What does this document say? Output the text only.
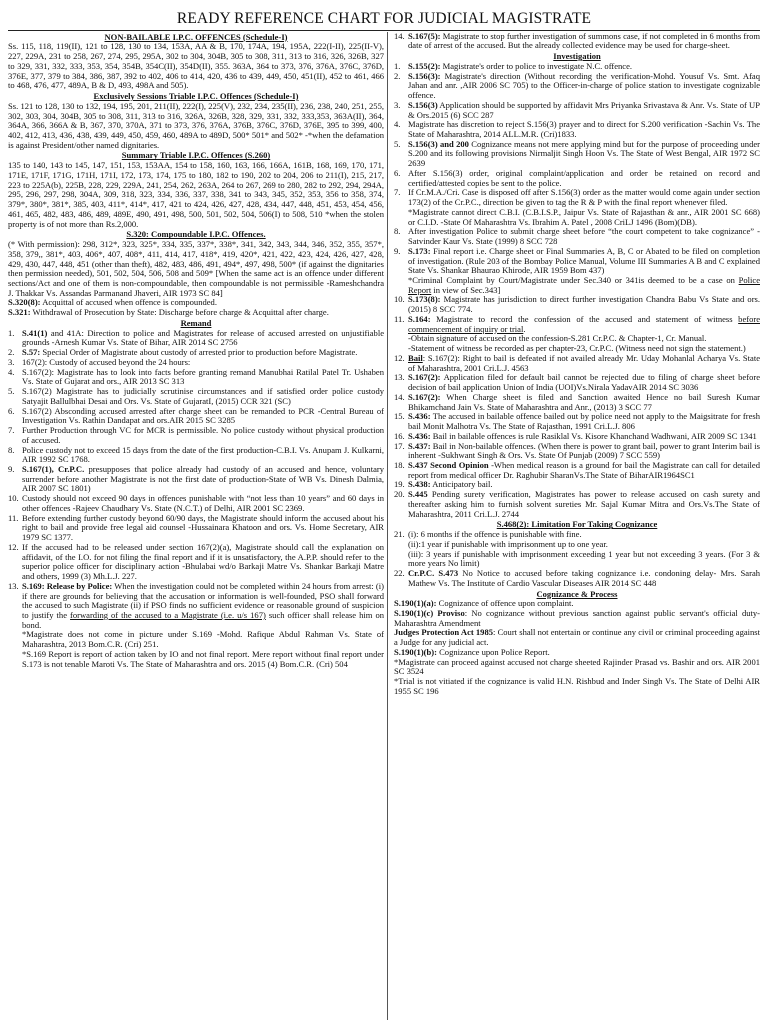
READY REFERENCE CHART FOR JUDICIAL MAGISTRATE
NON-BAILABLE I.P.C. OFFENCES (Schedule-I)

Ss. 115, 118, 119(II), 121 to 128, 130 to 134, 153A, AA & B, 170, 174A, 194, 195A, 222(I-II), 225(II-V), 227, 229A, 231 to 258, 267, 274, 295, 295A, 302 to 304, 304B, 305 to 308, 311, 313 to 316, 326, 326B, 327 to 329, 331, 332, 333, 353, 354, 354B, 354C(II), 354D(II), 355. 363A, 364 to 373, 376, 376A, 376C, 376D, 376E, 377, 379 to 384, 386, 387, 392 to 402, 406 to 414, 420, 436 to 439, 449, 450, 451(II), 452 to 461, 466 to 468, 476, 477, 489A, B & D, 493, 498A and 505).

Exclusively Sessions Triable I.P.C. Offences (Schedule-I)

Ss. 121 to 128, 130 to 132, 194, 195, 201, 211(II), 222(I), 225(V), 232, 234, 235(II), 236, 238, 240, 251, 255, 302, 303, 304, 304B, 305 to 308, 311, 313 to 316, 326A, 326B, 328, 329, 331, 332, 333,353, 363A(II), 364, 364A, 366, 366A & B, 367, 370, 370A, 371 to 373, 376, 376A, 376B, 376C, 376D, 376E, 395 to 399, 400, 402, 412, 413, 436, 438, 439, 449, 450, 459, 460, 489A to 489D, 500* 501* and 502* -*when the defamation is against President/other named dignitaries.

Summary Triable I.P.C. Offences (S.260)

135 to 140, 143 to 145, 147, 151, 153, 153AA, 154 to 158, 160, 163, 166, 166A, 161B, 168, 169, 170, 171, 171E, 171F, 171G, 171H, 171I, 172, 173, 174, 175 to 180, 182 to 190, 202 to 204, 206 to 211(I), 215, 217, 223 to 225A(b), 225B, 228, 229, 229A, 241, 254, 262, 263A, 264 to 267, 269 to 280, 282 to 292, 294, 294A, 295, 296, 297, 298, 304A, 309, 318, 323, 334, 336, 337, 338, 341 to 343, 345, 352, 353, 356 to 358, 374, 379*, 380*, 381*, 385, 403, 411*, 414*, 417, 421 to 424, 426, 427, 428, 434, 447, 448, 451, 453, 454, 456, 461, 465, 482, 483, 486, 489, 489E, 490, 491, 498, 500, 501, 502, 504, 506(I) to 508, 510 *when the stolen property is of not more than Rs.2,000.

S.320: Compoundable I.P.C. Offences.

(* With permission): 298, 312*, 323, 325*, 334, 335, 337*, 338*, 341, 342, 343, 344, 346, 352, 355, 357*, 358, 379,, 381*, 403, 406*, 407, 408*, 411, 414, 417, 418*, 419, 420*, 421, 422, 423, 424, 426, 427, 428, 429, 430, 447, 448, 451 (other than theft), 482, 483, 486, 491, 494*, 497, 498, 500* (if against the dignitaries then permission needed), 501, 502, 504, 506, 508 and 509* [When the same act is an offence under different sections/Act and one of them is non-compoundable, then compoundable is not permissible -Rameshchandra J. Thakkar Vs. Assandas Parmanand Jhaveri, AIR 1973 SC 84]

S.320(8): Acquittal of accused when offence is compounded.

S.321: Withdrawal of Prosecution by State: Discharge before charge & Acquittal after charge.

Remand
1. S.41(1) and 41A: Direction to police and Magistrates for release of accused arrested on unjustifiable grounds -Arnesh Kumar Vs. State of Bihar, AIR 2014 SC 2756
2. S.57: Special Order of Magistrate about custody of arrested prior to production before Magistrate.
3. 167(2): Custody of accused beyond the 24 hours:
4. S.167(2): Magistrate has to look into facts before granting remand Manubhai Ratilal Patel Tr. Ushaben Vs. State of Gujarat and ors., AIR 2013 SC 313
5. S.167(2) Magistrate has to judicially scrutinise circumstances and if satisfied order police custody Satyajit Ballulbhai Desai and Ors. Vs. State of GujaratI, (2015) CCR 321 (SC)
6. S.167(2) Absconding accused arrested after charge sheet can be remanded to PCR -Central Bureau of Investigation Vs. Rathin Dandapat and ors.AIR 2015 SC 3285
7. Further Production through VC for MCR is permissible. No police custody without physical production of accused.
8. Police custody not to exceed 15 days from the date of the first production-C.B.I. Vs. Anupam J. Kulkarni, AIR 1992 SC 1768.
9. S.167(1), Cr.P.C. presupposes that police already had custody of an accused and hence, voluntary surrender before another Magistrate is not the first date of production-State of WB Vs. Dinesh Dalmia, AIR 2007 SC 1801)
10. Custody should not exceed 90 days in offences punishable with “not less than 10 years” and 60 days in other offences -Rajeev Chaudhary Vs. State (N.C.T.) of Delhi, AIR 2001 SC 2369.
11. Before extending further custody beyond 60/90 days, the Magistrate should inform the accused about his right to bail and provide free legal aid counsel -Hussainara Khatoon and ors. Vs. Home Secretary, AIR 1979 SC 1377.
12. If the accused had to be released under section 167(2)(a), Magistrate should call the explanation on affidavit, of the I.O. for not filing the final report and if it is unsatisfactory, the A.P.P. should refer to the superior police officer for disciplinary action -Bhulabai wd/o Barkaji Matre Vs. Shankar Barkaji Matre and others, 1999 (3) Mh.L.J. 227.
13. S.169: Release by Police: When the investigation could not be completed within 24 hours from arrest: (i) if there are grounds for believing that the accusation or information is well-founded, PSO shall forward the accused to such Magistrate (ii) if PSO finds no sufficient evidence or reasonable ground of suspicion to justify the forwarding of the accused to a Magistrate (i.e. u/s 167) such officer shall release him on bond.
*Magistrate does not come in picture under S.169 -Mohd. Rafique Abdul Rahman Vs. State of Maharashtra, 2013 Bom.C.R. (Cri) 251.
*S.169 Report is report of action taken by IO and not final report. Mere report without final report under S.173 is not tenable Maroti Vs. The State of Maharashtra and ors. 2015 (4) Bom.C.R. (Cri) 504
14. S.167(5): Magistrate to stop further investigation of summons case, if not completed in 6 months from date of arrest of the accused. But the already collected evidence may be used for charge-sheet.
Investigation
1. S.155(2): Magistrate's order to police to investigate N.C. offence.
2. S.156(3): Magistrate's direction (Without recording the verification-Mohd. Yousuf Vs. Smt. Afaq Jahan and anr. ,AIR 2006 SC 705) to the Officer-in-charge of police station to investigate cognizable offence.
3. S.156(3) Application should be supported by affidavit Mrs Priyanka Srivastava & Anr. Vs. State of UP & Ors.2015 (6) SCC 287
4. Magistrate has discretion to reject S.156(3) prayer and to direct for S.200 verification -Sachin Vs. The State of Maharashtra, 2014 ALL.M.R. (Cri)1833.
5. S.156(3) and 200 Cognizance means not mere applying mind but for the purpose of proceeding under S.200 and its following provisions Nirmaljit Singh Hoon Vs. The State of West Bengal, AIR 1972 SC 2639
6. After S.156(3) order, original complaint/application and order be retained on record and certified/attested copies be sent to the police.
7. If Cr.M.A./Cri. Case is disposed off after S.156(3) order as the matter would come again under section 173(2) of the Cr.P.C., direction be given to tag the R & P with the final report whenever filed.
*Magistrate cannot direct C.B.I. (C.B.I.S.P., Jaipur Vs. State of Rajasthan & anr., AIR 2001 SC 668) or C.I.D. -State Of Maharashtra Vs. Ibrahim A. Patel , 2008 CriLJ 1496 (Bom)(DB).
8. After investigation Police to submit charge sheet before “the court competent to take cognizance” -Satvinder Kaur Vs. State (1999) 8 SCC 728
9. S.173: Final report i.e. Charge sheet or Final Summaries A, B, C or Abated to be filed on completion of investigation. (Rule 203 of the Bombay Police Manual, Volume III Summaries A B and C explained State Vs. Shankar Bhaurao Khirode, AIR 1959 Bom 437)
*Criminal Complaint by Court/Magistrate under Sec.340 or 341is deemed to be a case on Police Report in view of Sec.343]
10. S.173(8): Magistrate has jurisdiction to direct further investigation Chandra Babu Vs State and ors. (2015) 8 SCC 774.
11. S.164: Magistrate to record the confession of the accused and statement of witness before commencement of inquiry or trial.
-Obtain signature of accused on the confession-S.281 Cr.P.C. & Chapter-1, Cr. Manual.
-Statement of witness be recorded as per chapter-23, Cr.P.C. (Witness need not sign the statement.)
12. Bail: S.167(2): Right to bail is defeated if not availed already Mr. Uday Mohanlal Acharya Vs. State of Maharashtra, 2001 Cri.L.J. 4563
13. S.167(2): Application filed for default bail cannot be rejected due to filing of charge sheet before decision of bail application Union of India (UOI)Vs.Nirala YadavAIR 2014 SC 3036
14. S.167(2): When Charge sheet is filed and Sanction awaited Hence no bail Suresh Kumar Bhikamchand Jain Vs. State of Maharashtra and Anr., (2013) 3 SCC 77
15. S.436: The accused in bailable offence bailed out by police need not apply to the Maigsitrate for fresh bail Monit Malhotra Vs. The State of Rajasthan, 1991 Cri.L.J. 806
16. S.436: Bail in bailable offences is rule Rasiklal Vs. Kisore Khanchand Wadhwani, AIR 2009 SC 1341
17. S.437: Bail in Non-bailable offences. (When there is power to grant bail, power to grant Interim bail is inherent -Sukhwant Singh & Ors. Vs. State Of Punjab (2009) 7 SCC 559)
18. S.437 Second Opinion -When medical reason is a ground for bail the Magistrate can call for detailed report from medical officer Dr. Raghubir SharanVs.The State of BiharAIR1964SC1
19. S.438: Anticipatory bail.
20. S.445 Pending surety verification, Magistrates has power to release accused on cash surety and thereafter asking him to furnish solvent sureties Mr. Sajal Kumar Mitra and Ors.Vs.The State of Maharashtra, 2011 Cri.L.J. 2744
S.468(2): Limitation For Taking Cognizance
21. (i): 6 months if the offence is punishable with fine.
(ii):1 year if punishable with imprisonment up to one year.
(iii): 3 years if punishable with imprisonment exceeding 1 year but not exceeding 3 years. (For 3 & more years No limit)
22. Cr.P.C. S.473 No Notice to accused before taking cognizance i.e. condoning delay- Mrs. Sarah Mathew Vs. The Institute of Cardio Vascular Diseases AIR 2014 SC 448
Cognizance & Process

S.190(1)(a): Cognizance of offence upon complaint.

S.190(1)(c) Proviso: No cognizance without previous sanction against public servant's official duty-Maharashtra Amendment

Judges Protection Act 1985: Court shall not entertain or continue any civil or criminal proceeding against a Judge for any judicial act.

S.190(1)(b): Cognizance upon Police Report.

*Magistrate can proceed against accused not charge sheeted Rajinder Prasad vs. Bashir and ors. AIR 2001 SC 3524

*Trial is not vitiated if the cognizance is valid H.N. Rishbud and Inder Singh Vs. The State of Delhi AIR 1955 SC 196
